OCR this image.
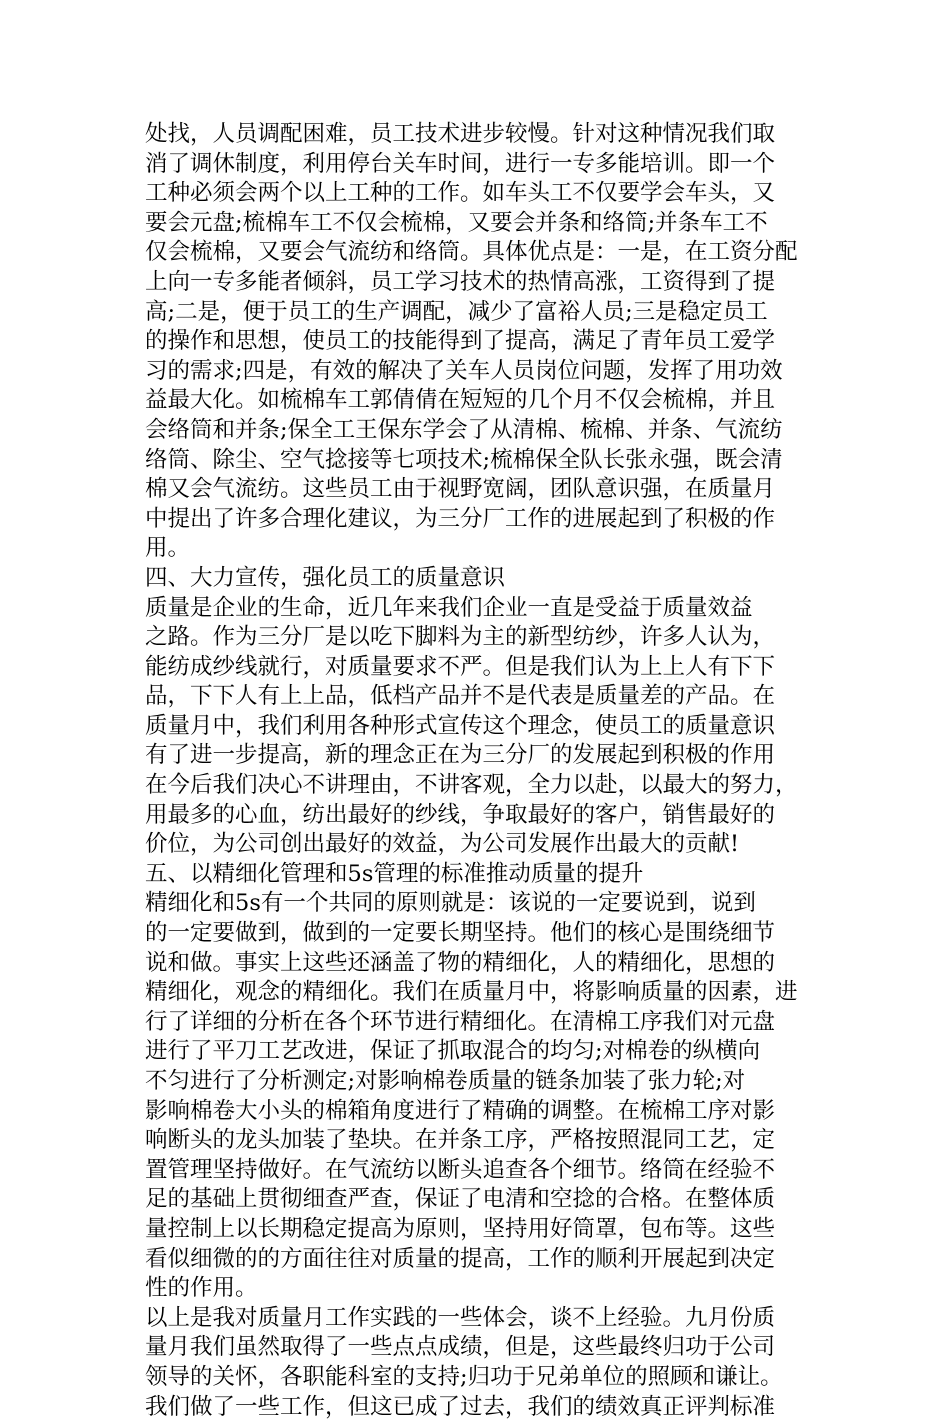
处找，人员调配困难，员工技术进步较慢。针对这种情况我们取
消了调休制度，利用停台关车时间，进行一专多能培训。即一个
工种必须会两个以上工种的工作。如车头工不仅要学会车头，又
要会元盘;梳棉车工不仅会梳棉，又要会并条和络筒;并条车工不
仅会梳棉，又要会气流纺和络筒。具体优点是：一是，在工资分配
上向一专多能者倾斜，员工学习技术的热情高涨，工资得到了提
高;二是，便于员工的生产调配，减少了富裕人员;三是稳定员工
的操作和思想，使员工的技能得到了提高，满足了青年员工爱学
习的需求;四是，有效的解决了关车人员岗位问题，发挥了用功效
益最大化。如梳棉车工郭倩倩在短短的几个月不仅会梳棉，并且
会络筒和并条;保全工王保东学会了从清棉、梳棉、并条、气流纺
络筒、除尘、空气捻接等七项技术;梳棉保全队长张永强，既会清
棉又会气流纺。这些员工由于视野宽阔，团队意识强，在质量月
中提出了许多合理化建议，为三分厂工作的进展起到了积极的作
用。
四、大力宣传，强化员工的质量意识
质量是企业的生命，近几年来我们企业一直是受益于质量效益
之路。作为三分厂是以吃下脚料为主的新型纺纱，许多人认为，
能纺成纱线就行，对质量要求不严。但是我们认为上上人有下下
品，下下人有上上品，低档产品并不是代表是质量差的产品。在
质量月中，我们利用各种形式宣传这个理念，使员工的质量意识
有了进一步提高，新的理念正在为三分厂的发展起到积极的作用
在今后我们决心不讲理由，不讲客观，全力以赴，以最大的努力，
用最多的心血，纺出最好的纱线，争取最好的客户，销售最好的
价位，为公司创出最好的效益，为公司发展作出最大的贡献!
五、以精细化管理和5s管理的标准推动质量的提升
精细化和5s有一个共同的原则就是：该说的一定要说到，说到
的一定要做到，做到的一定要长期坚持。他们的核心是围绕细节
说和做。事实上这些还涵盖了物的精细化，人的精细化，思想的
精细化，观念的精细化。我们在质量月中，将影响质量的因素，进
行了详细的分析在各个环节进行精细化。在清棉工序我们对元盘
进行了平刀工艺改进，保证了抓取混合的均匀;对棉卷的纵横向
不匀进行了分析测定;对影响棉卷质量的链条加装了张力轮;对
影响棉卷大小头的棉箱角度进行了精确的调整。在梳棉工序对影
响断头的龙头加装了垫块。在并条工序，严格按照混同工艺，定
置管理坚持做好。在气流纺以断头追查各个细节。络筒在经验不
足的基础上贯彻细查严查，保证了电清和空捻的合格。在整体质
量控制上以长期稳定提高为原则，坚持用好筒罩，包布等。这些
看似细微的的方面往往对质量的提高，工作的顺利开展起到决定
性的作用。
以上是我对质量月工作实践的一些体会，谈不上经验。九月份质
量月我们虽然取得了一些点点成绩，但是，这些最终归功于公司
领导的关怀，各职能科室的支持;归功于兄弟单位的照顾和谦让。
我们做了一些工作，但这已成了过去，我们的绩效真正评判标准
